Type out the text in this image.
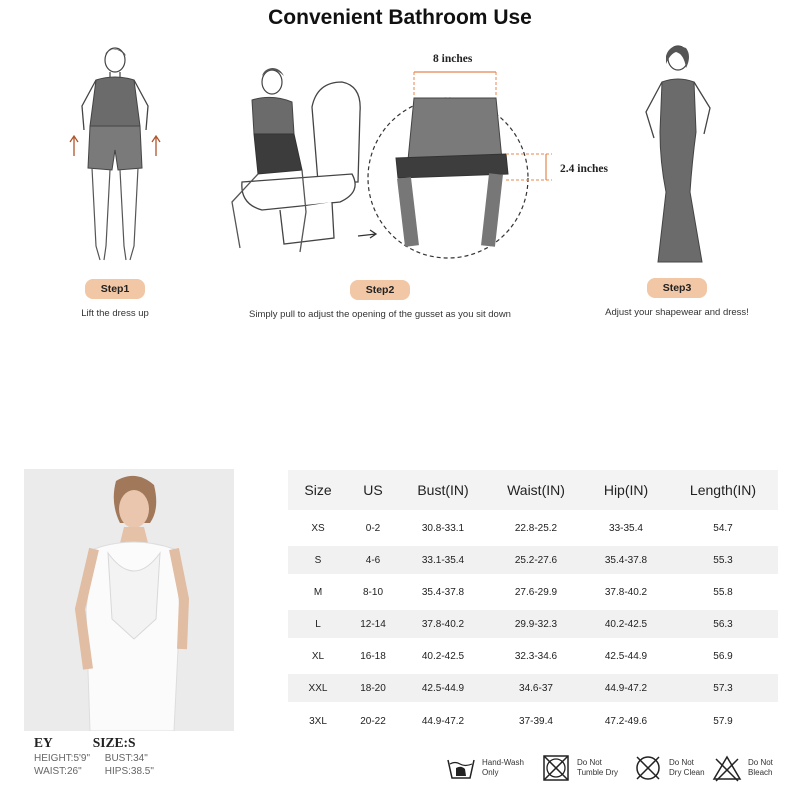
Convenient Bathroom Use
8 inches
2.4 inches
Step1
Lift the dress up
Step2
Simply pull to adjust the opening of the gusset as you sit down
Step3
Adjust your shapewear and dress!
EY	SIZE:S
HEIGHT:5'9" BUST:34"
WAIST:26" HIPS:38.5"
Size	US	Bust(IN)	Waist(IN)	Hip(IN)	Length(IN)
XS	0-2	30.8-33.1	22.8-25.2	33-35.4	54.7
S	4-6	33.1-35.4	25.2-27.6	35.4-37.8	55.3
M	8-10	35.4-37.8	27.6-29.9	37.8-40.2	55.8
L	12-14	37.8-40.2	29.9-32.3	40.2-42.5	56.3
XL	16-18	40.2-42.5	32.3-34.6	42.5-44.9	56.9
XXL	18-20	42.5-44.9	34.6-37	44.9-47.2	57.3
3XL	20-22	44.9-47.2	37-39.4	47.2-49.6	57.9
Hand-Wash
Only
Do Not
Tumble Dry
Do Not
Dry Clean
Do Not
Bleach
